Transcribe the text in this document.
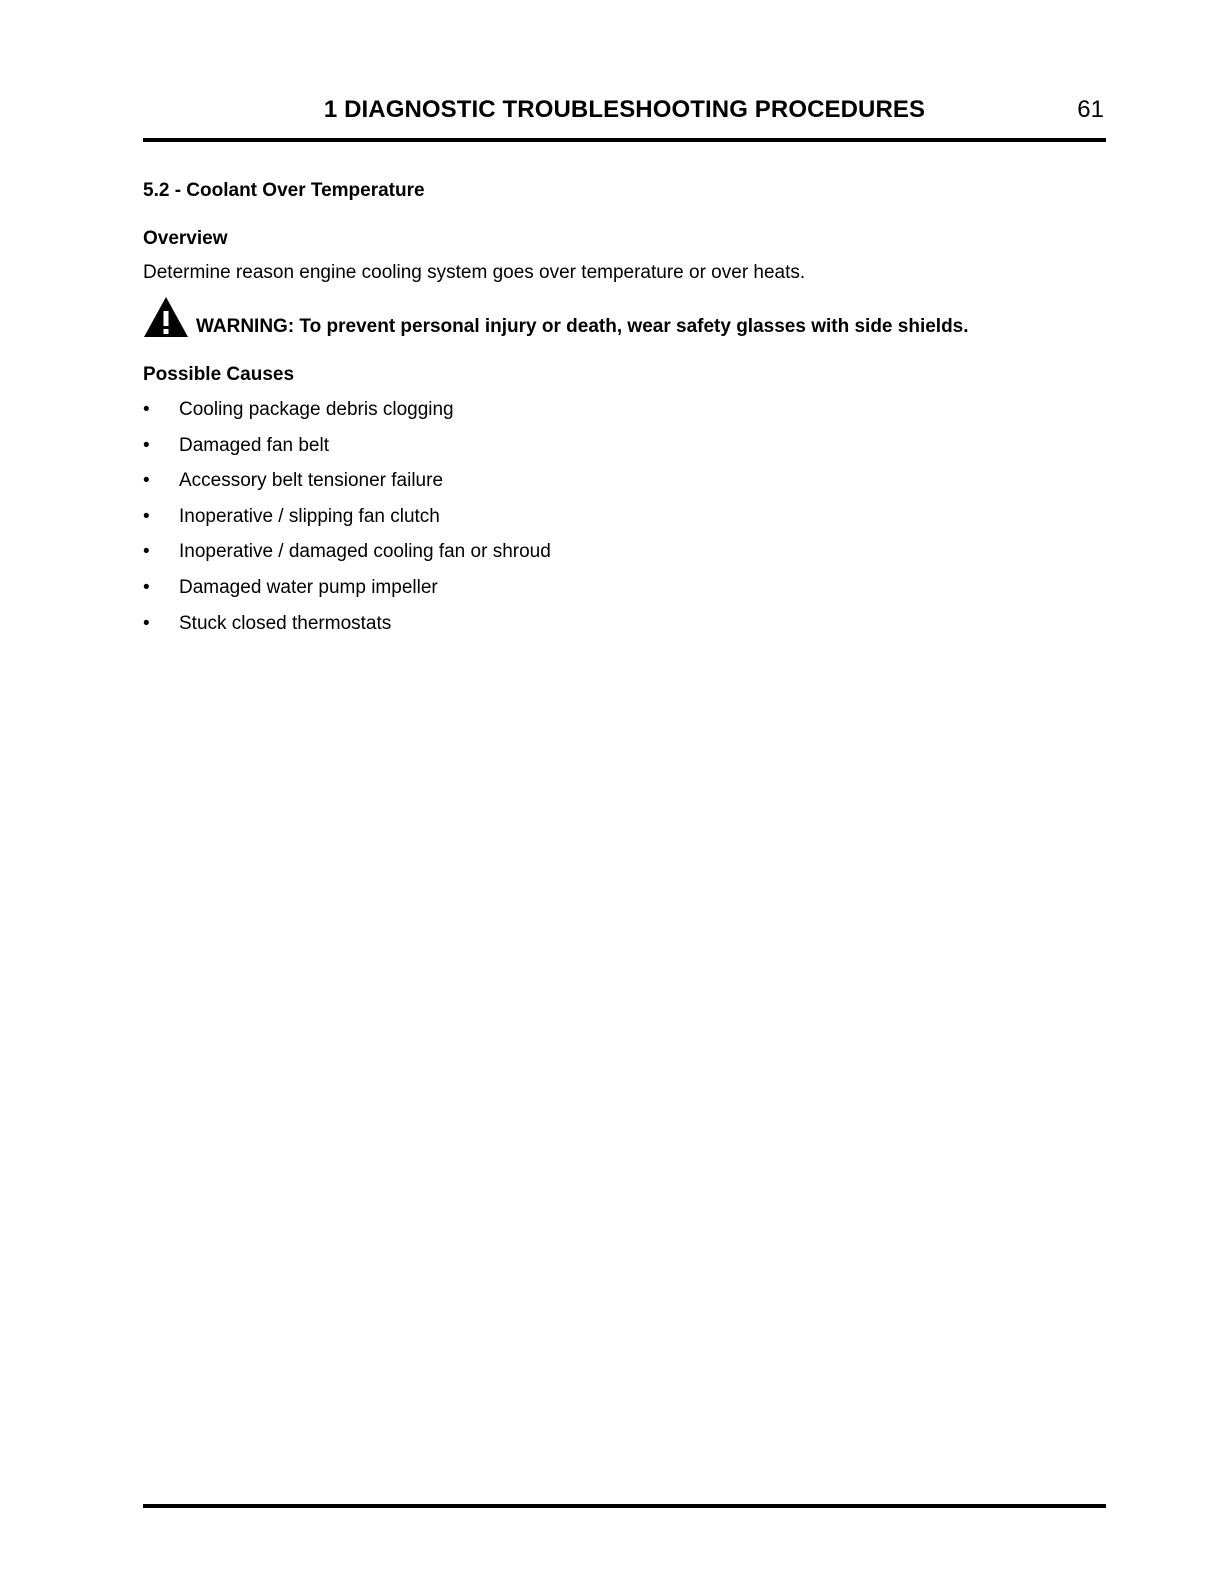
1 DIAGNOSTIC TROUBLESHOOTING PROCEDURES	61
5.2 - Coolant Over Temperature
Overview
Determine reason engine cooling system goes over temperature or over heats.
WARNING: To prevent personal injury or death, wear safety glasses with side shields.
Possible Causes
• Cooling package debris clogging
• Damaged fan belt
• Accessory belt tensioner failure
• Inoperative / slipping fan clutch
• Inoperative / damaged cooling fan or shroud
• Damaged water pump impeller
• Stuck closed thermostats
